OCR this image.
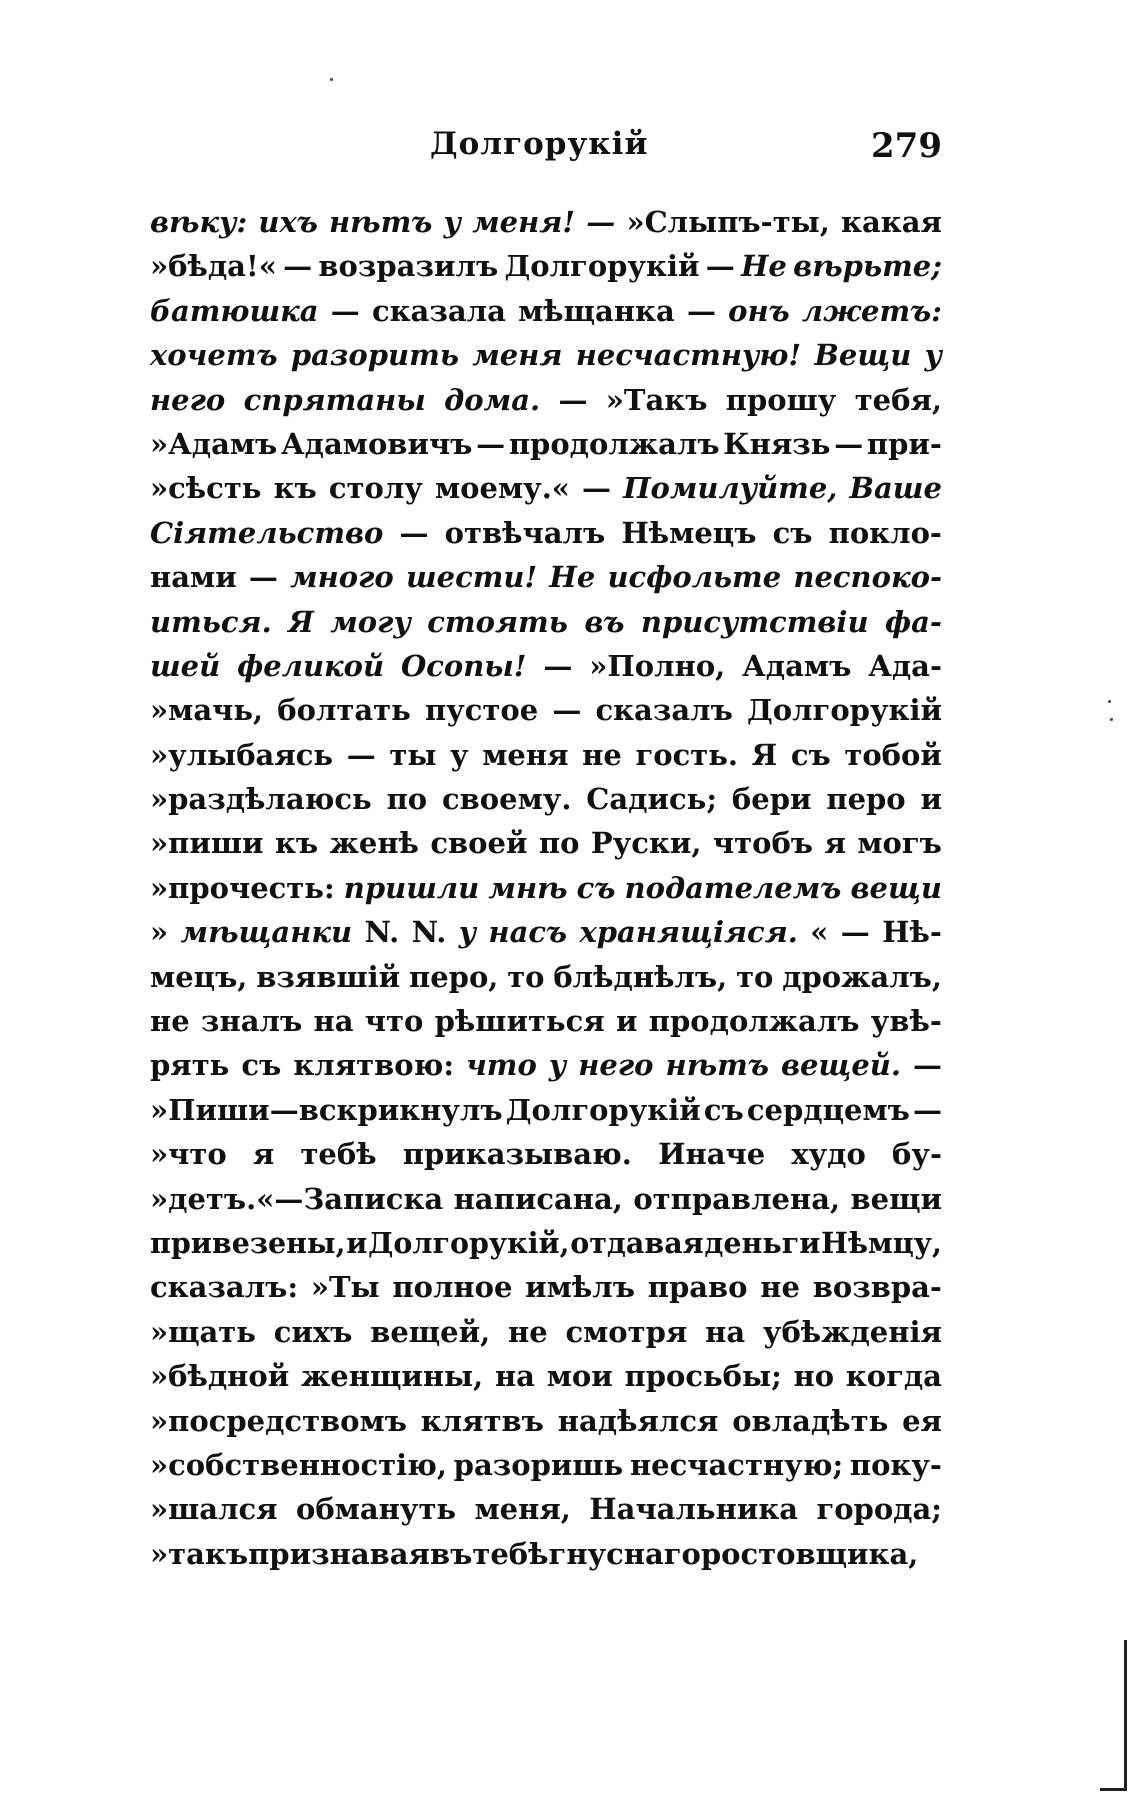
Долгорукій	279
вѣку: ихъ нѣтъ у меня! — »Слыпъ-ты, какая
»бѣда!« — возразилъ Долгорукій — Не вѣрьте;
батюшка — сказала мѣщанка — онъ лжетъ:
хочетъ разорить меня несчастную! Вещи у
него спрятаны дома. — »Такъ прошу тебя,
»Адамъ Адамовичъ — продолжалъ Князь — при-
»сѣсть къ столу моему.« — Помилуйте, Ваше
Сіятельство — отвѣчалъ Нѣмецъ съ покло-
нами — много шести! Не исфольте песпоко-
иться. Я могу стоять въ присутствіи фа-
шей феликой Осопы! — »Полно, Адамъ Ада-
»мачь, болтать пустое — сказалъ Долгорукій
»улыбаясь — ты у меня не гость. Я съ тобой
»раздѣлаюсь по своему. Садись; бери перо и
»пиши къ женѣ своей по Руски, чтобъ я могъ
»прочесть: пришли мнѣ съ подателемъ вещи
» мѣщанки N. N. у насъ хранящіяся. « — Нѣ-
мецъ, взявшій перо, то блѣднѣлъ, то дрожалъ,
не зналъ на что рѣшиться и продолжалъ увѣ-
рять съ клятвою: что у него нѣтъ вещей. —
»Пиши—вскрикнулъ Долгорукій съ сердцемъ —
»что я тебѣ приказываю. Иначе худо бу-
»детъ.«—Записка написана, отправлена, вещи
привезены, и Долгорукій, отдавая деньги Нѣмцу,
сказалъ: »Ты полное имѣлъ право не возвра-
»щать сихъ вещей, не смотря на убѣжденія
»бѣдной женщины, на мои просьбы; но когда
»посредствомъ клятвъ надѣялся овладѣть ея
»собственностію, разоришь несчастную; поку-
»шался обмануть меня, Начальника города;
»такъ признавая въ тебѣ гнуснаго ростовщика,
